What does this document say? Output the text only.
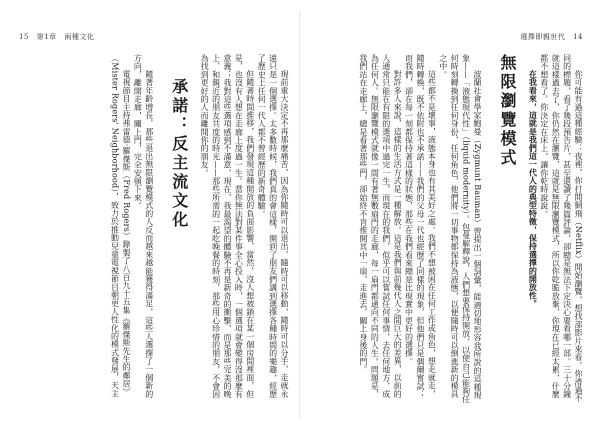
15 第1章 兩種文化

現前重大決定不再那麼痛苦，因為你隨時可以退出，隨時可以移動，隨時可以分手，走就永遠只是一個選擇。太多數時候，我們真的會這樣，開到了朋友們講到選擇各種時間的樂趣，經歷了歷史上任何一代人都不曾經歷的新奇體驗。

但隨著時間推移，我們發現這種開放的負面影響，當然，沒人想被鎖在某一個房間裡面，但是，也沒有人想在走廊上度過一生。當你無法對某件事全心投入時，一個選項就會變得沒那麼有意義；我對這些選項感到不滿意，現在，我最渴望的體驗不再是新奇的衝擊，而是那些完美的晚上、和親近的朋友共度的時光——那些所需的一起吃晚餐的時刻，那些用心珍惜的朋友，不會因為找到更好的人而離開你的朋友。

承諾：反主流文化

隨著年齡增長，那些退出無限瀏覽模式的人反而越來越能獲得滿足，這些人選擇了一個新的方向，離開走廊，關上門，完全安頓下來。

電視節目主持弗雷德·羅傑斯（Fred Rogers）錄製了八百九十五集《羅傑斯先生的鄰居》（Mister Rogers' Neighborhood），致力於推動兒童電視節目朝更人性化的模式發展，天主

選擇即親世代 14

你可能有過這種經驗：夜裡，你打開網飛（Netflix）開始瀏覽，想找部影片來看。你滑過不同的標題，看了幾段預告片，甚至還讀了幾篇評論，卻總是無法下定決心要看哪一部。三十分鐘就這樣過去了，你仍然在瀏覽，這就是無限瀏覽模式，所以你乾脆放棄，你現在已經太累，什麼都不想看了。你決定在床上，讓你乾時說說。

在我看來，這就是我們這一代人的典型特徵，保持選擇的開放性。

無限瀏覽模式

波蘭社會學家鮑曼（Zygmunt Bauman）曾提出一個詞彙，能適切地形容我所說的這種現象——「液態現代性」（liquid modernity）。包曼解釋說，人們想要保持開放，以使自己能夠任何時刻轉換到任何身份，任何角色，他們將一切事物都保持為液態，以便隨時可以倒進新的模具之中。

這些都不是壞事，液態本身也有其美好之處。我們不想被困在任何工作或角色，想走就走，隨時轉換，既不依附也不承諾——我們的父母一代也經歷了同樣的現象，但他們只是偶爾嘗試；而我們，卻在每一刻都保持著這樣的狀態，那些在我們看來總是比現實中更好的選擇。

對許多人來說，這樣的生活方式是一種解放。這是我們與前幾代人之間巨大的差異，以前的人通常只能在有限的選項中過完一生，而現在的我們，似乎可以嘗試任何事情，去任何地方，成為任何人。無限瀏覽模式就像一間有著無數扇門的走廊，每一扇門都通向不同的人生。問題是，我們站在走廊上，總是看著那些門，卻始終不肯推開其中一扇，走進去，關上身後的門。
